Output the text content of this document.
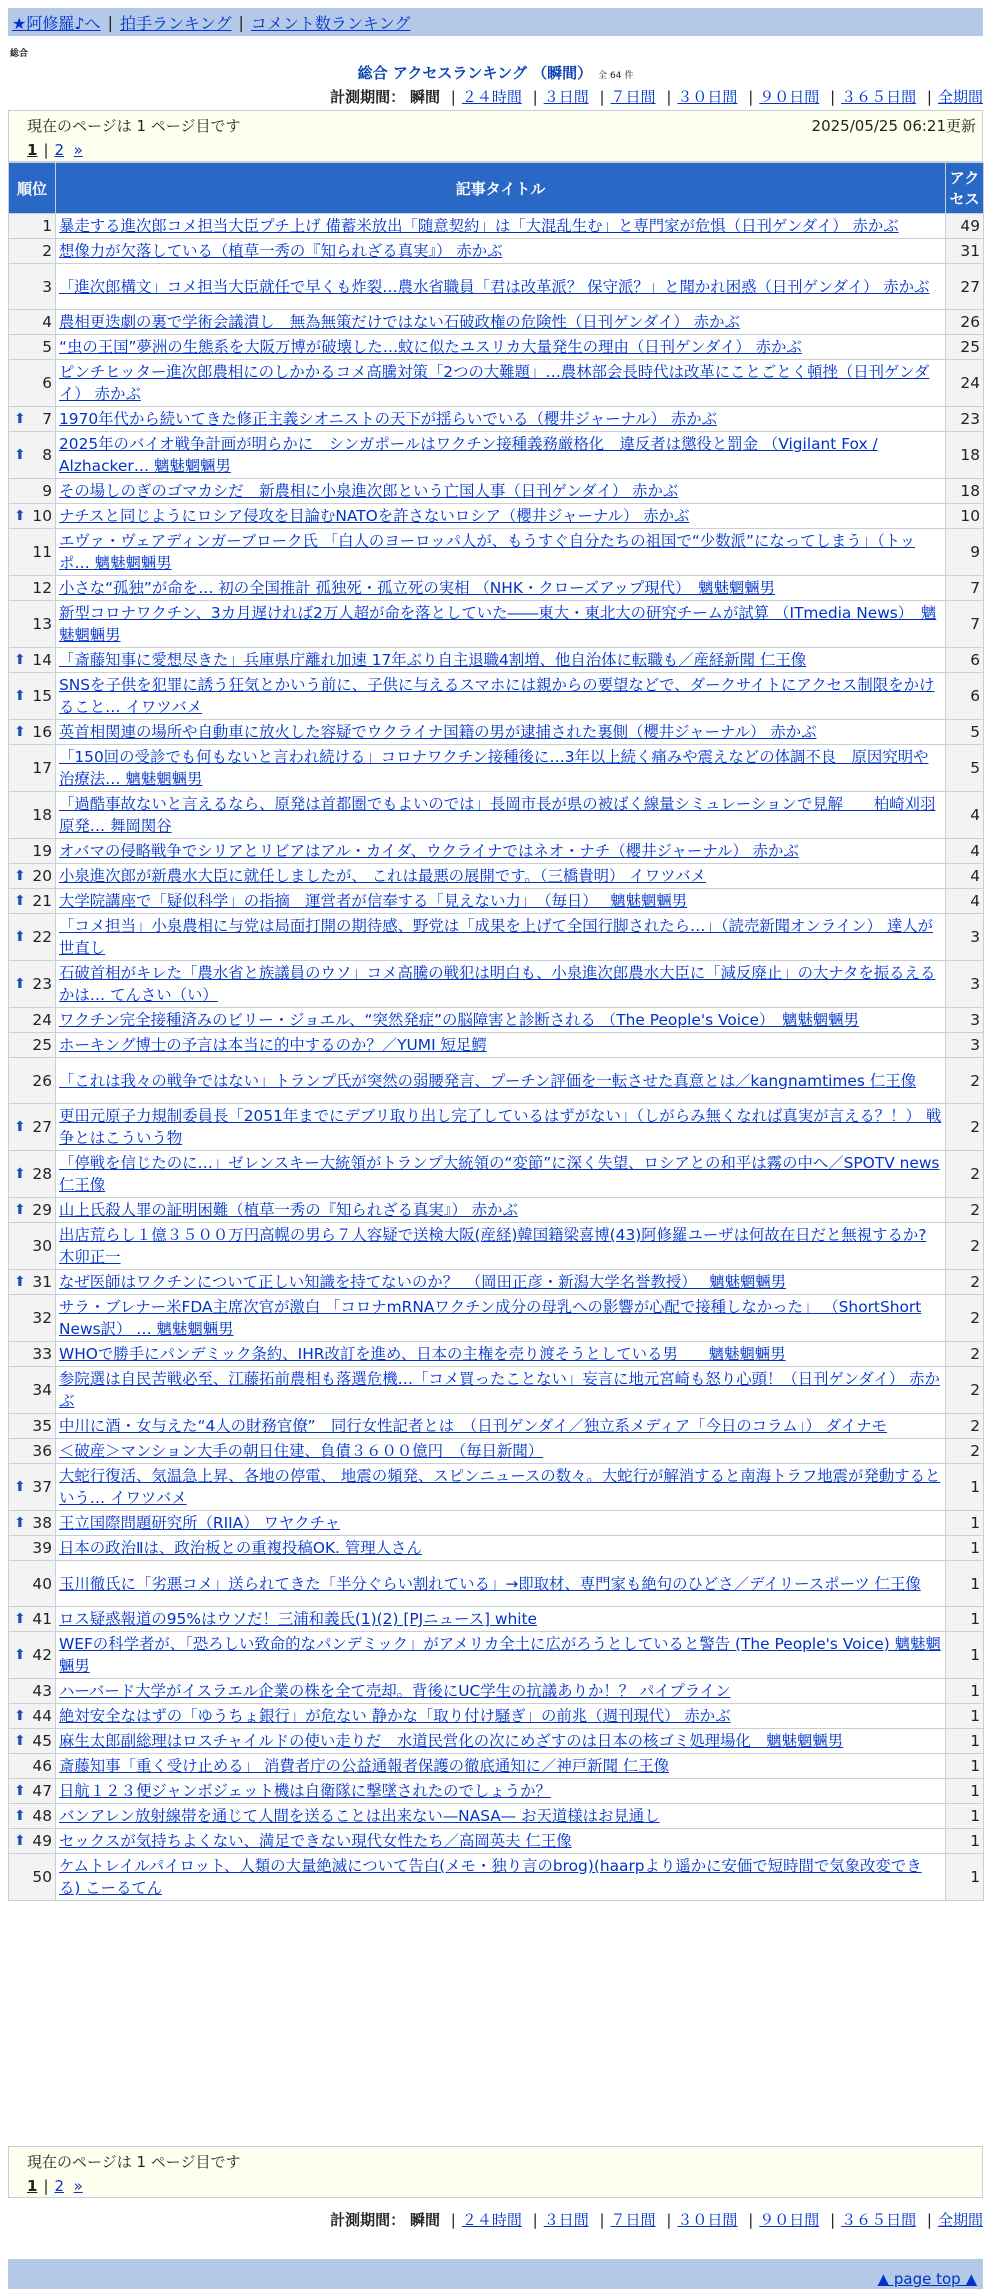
★阿修羅♪へ | 拍手ランキング | コメント数ランキング
総合
総合 アクセスランキング （瞬間） 全 64 件
計測期間： 瞬間 | ２４時間 | ３日間 | ７日間 | ３０日間 | ９０日間 | ３６５日間 | 全期間
現在のページは 1 ページ目です	2025/05/25 06:21更新
1 | 2
»
順位	記事タイトル	アクセス
1	暴走する進次郎コメ担当大臣プチ上げ 備蓄米放出「随意契約」は「大混乱生む」と専門家が危惧（日刊ゲンダイ） 赤かぶ	49
2	想像力が欠落している（植草一秀の『知られざる真実』） 赤かぶ	31
3	「進次郎構文」コメ担当大臣就任で早くも炸裂…農水省職員「君は改革派？ 保守派？」と聞かれ困惑（日刊ゲンダイ） 赤かぶ	27
4	農相更迭劇の裏で学術会議潰し　無為無策だけではない石破政権の危険性（日刊ゲンダイ） 赤かぶ	26
5	“虫の王国”夢洲の生態系を大阪万博が破壊した…蚊に似たユスリカ大量発生の理由（日刊ゲンダイ） 赤かぶ	25
6	ピンチヒッター進次郎農相にのしかかるコメ高騰対策「2つの大難題」…農林部会長時代は改革にことごとく頓挫（日刊ゲンダイ） 赤かぶ	24

⬆ 7	1970年代から続いてきた修正主義シオニストの天下が揺らいでいる（櫻井ジャーナル） 赤かぶ	23

⬆ 8	2025年のバイオ戦争計画が明らかに　シンガポールはワクチン接種義務厳格化　違反者は懲役と罰金 （Vigilant Fox / Alzhacker… 魑魅魍魎男	18
9	その場しのぎのゴマカシだ　新農相に小泉進次郎という亡国人事（日刊ゲンダイ） 赤かぶ	18

⬆ 10	ナチスと同じようにロシア侵攻を目論むNATOを許さないロシア（櫻井ジャーナル） 赤かぶ	10
11	エヴァ・ヴェアディンガーブローク氏 「白人のヨーロッパ人が、もうすぐ自分たちの祖国で“少数派”になってしまう」（トッポ… 魑魅魍魎男	9
12	小さな“孤独”が命を… 初の全国推計 孤独死・孤立死の実相 （NHK・クローズアップ現代）　魑魅魍魎男	7
13	新型コロナワクチン、3カ月遅ければ2万人超が命を落としていた――東大・東北大の研究チームが試算 （ITmedia News）　魑魅魍魎男	7

⬆ 14	「斎藤知事に愛想尽きた」兵庫県庁離れ加速 17年ぶり自主退職4割増、他自治体に転職も／産経新聞 仁王像	6

⬆ 15	SNSを子供を犯罪に誘う狂気とかいう前に、子供に与えるスマホには親からの要望などで、ダークサイトにアクセス制限をかけること… イワツバメ	6

⬆ 16	英首相関連の場所や自動車に放火した容疑でウクライナ国籍の男が逮捕された裏側（櫻井ジャーナル） 赤かぶ	5
17	「150回の受診でも何もないと言われ続ける」コロナワクチン接種後に…3年以上続く痛みや震えなどの体調不良　原因究明や治療法… 魑魅魍魎男	5
18	「過酷事故ないと言えるなら、原発は首都圏でもよいのでは」長岡市長が県の被ばく線量シミュレーションで見解　　柏崎刈羽原発… 舞岡関谷	4
19	オバマの侵略戦争でシリアとリビアはアル・カイダ、ウクライナではネオ・ナチ（櫻井ジャーナル） 赤かぶ	4

⬆ 20	小泉進次郎が新農水大臣に就任しましたが、 これは最悪の展開です。（三橋貴明） イワツバメ	4

⬆ 21	大学院講座で「疑似科学」の指摘　運営者が信奉する「見えない力」　（毎日）　 魑魅魍魎男	4

⬆ 22	「コメ担当」小泉農相に与党は局面打開の期待感、野党は「成果を上げて全国行脚されたら…」（読売新聞オンライン） 達人が世直し	3

⬆ 23	石破首相がキレた「農水省と族議員のウソ」コメ高騰の戦犯は明白も、小泉進次郎農水大臣に「減反廃止」の大ナタを振るえるかは… てんさい（い）	3
24	ワクチン完全接種済みのビリー・ジョエル、“突然発症”の脳障害と診断される （The People's Voice）　魑魅魍魎男	3
25	ホーキング博士の予言は本当に的中するのか？／YUMI 短足鰐	3
26	「これは我々の戦争ではない」トランプ氏が突然の弱腰発言、プーチン評価を一転させた真意とは／kangnamtimes 仁王像	2

⬆ 27	更田元原子力規制委員長「2051年までにデブリ取り出し完了しているはずがない」（しがらみ無くなれば真実が言える？！） 戦争とはこういう物	2

⬆ 28	「停戦を信じたのに…」ゼレンスキー大統領がトランプ大統領の“変節”に深く失望、ロシアとの和平は霧の中へ／SPOTV news 仁王像	2

⬆ 29	山上氏殺人罪の証明困難（植草一秀の『知られざる真実』） 赤かぶ	2
30	出店荒らし１億３５００万円高幌の男ら７人容疑で送検大阪(産経)韓国籍梁喜博(43)阿修羅ユーザは何故在日だと無視するか? 木卯正一	2

⬆ 31	なぜ医師はワクチンについて正しい知識を持てないのか？　（岡田正彦・新潟大学名誉教授）　 魑魅魍魎男	2
32	サラ・ブレナー米FDA主席次官が激白 「コロナmRNAワクチン成分の母乳への影響が心配で接種しなかった」 （ShortShort News訳） … 魑魅魍魎男	2
33	WHOで勝手にパンデミック条約、IHR改訂を進め、日本の主権を売り渡そうとしている男　　魑魅魍魎男	2
34	参院選は自民苦戦必至、江藤拓前農相も落選危機…「コメ買ったことない」妄言に地元宮崎も怒り心頭！（日刊ゲンダイ） 赤かぶ	2
35	中川に酒・女与えた“4人の財務官僚”　同行女性記者とは　（日刊ゲンダイ／独立系メディア「今日のコラム」） ダイナモ	2
36	＜破産＞マンション大手の朝日住建、負債３６００億円　（毎日新聞）	2

⬆ 37	大蛇行復活、気温急上昇、各地の停電、 地震の頻発、スピンニュースの数々。大蛇行が解消すると南海トラフ地震が発動するという… イワツバメ	1

⬆ 38	王立国際問題研究所（RIIA） ワヤクチャ	1
39	日本の政治Ⅱは、政治板との重複投稿OK. 管理人さん	1
40	玉川徹氏に「劣悪コメ」送られてきた「半分ぐらい割れている」→即取材、専門家も絶句のひどさ／デイリースポーツ 仁王像	1

⬆ 41	ロス疑惑報道の95%はウソだ！三浦和義氏(1)(2) [PJニュース] white	1

⬆ 42	WEFの科学者が、「恐ろしい致命的なパンデミック」がアメリカ全土に広がろうとしていると警告 (The People's Voice) 魑魅魍魎男	1
43	ハーバード大学がイスラエル企業の株を全て売却。背後にUC学生の抗議ありか！？ パイプライン	1

⬆ 44	絶対安全なはずの「ゆうちょ銀行」が危ない 静かな「取り付け騒ぎ」の前兆（週刊現代） 赤かぶ	1

⬆ 45	麻生太郎副総理はロスチャイルドの使い走りだ　水道民営化の次にめざすのは日本の核ゴミ処理場化　魑魅魍魎男	1
46	斎藤知事「重く受け止める」 消費者庁の公益通報者保護の徹底通知に／神戸新聞 仁王像	1

⬆ 47	日航１２３便ジャンボジェット機は自衛隊に撃墜されたのでしょうか？	1

⬆ 48	バンアレン放射線帯を通じて人間を送ることは出来ない—NASA— お天道様はお見通し	1

⬆ 49	セックスが気持ちよくない、満足できない現代女性たち／高岡英夫 仁王像	1
50	ケムトレイルパイロット、人類の大量絶滅について告白(メモ・独り言のbrog)(haarpより遥かに安価で短時間で気象改変できる) こーるてん	1
現在のページは 1 ページ目です
1 | 2
»
計測期間： 瞬間 | ２４時間 | ３日間 | ７日間 | ３０日間 | ９０日間 | ３６５日間 | 全期間
▲ page top ▲
